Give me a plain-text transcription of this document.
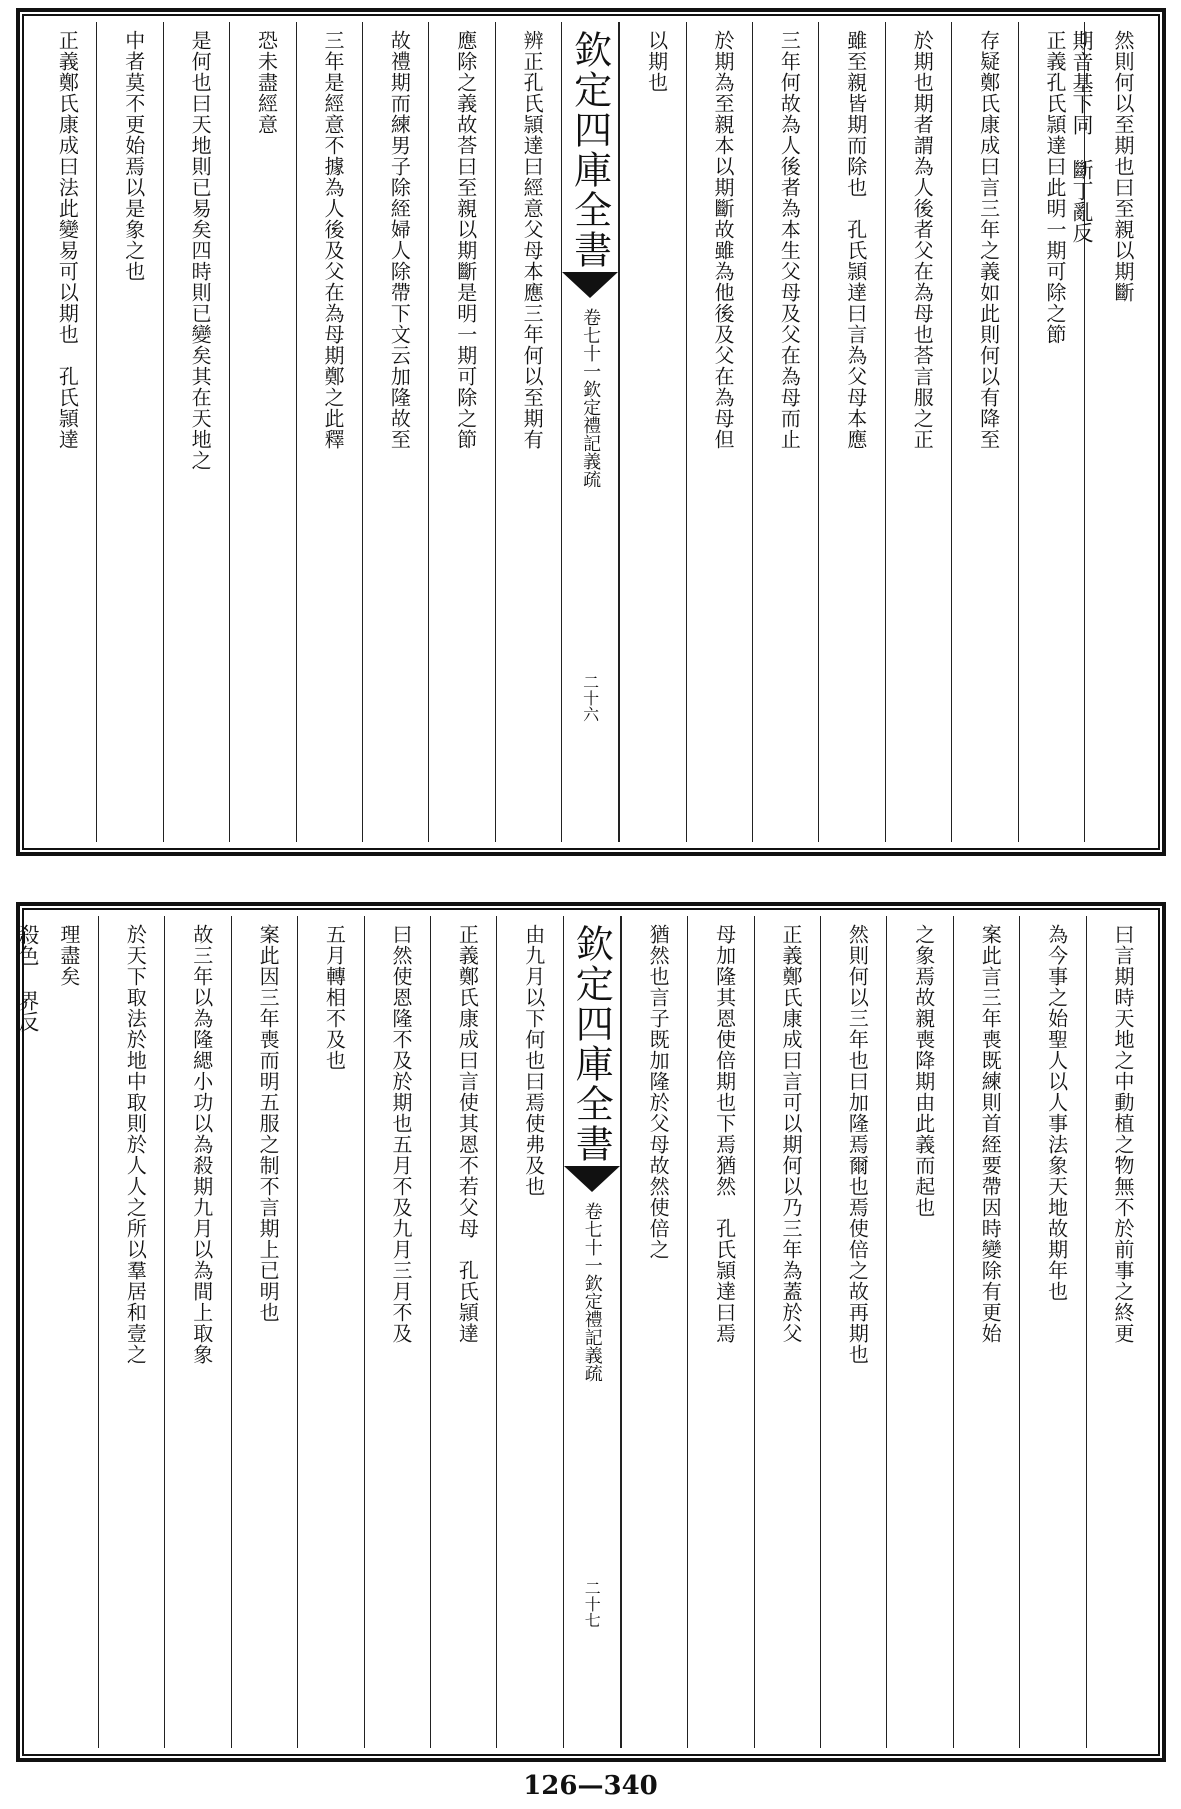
然則何以至期也曰至親以期斷
期音基下同 斷丁亂反
正義孔氏頴達曰此明一期可除之節
存疑鄭氏康成曰言三年之義如此則何以有降至
於期也期者謂為人後者父在為母也荅言服之正
雖至親皆期而除也　孔氏頴達曰言為父母本應
三年何故為人後者為本生父母及父在為母而止
於期為至親本以期斷故雖為他後及父在為母但
以期也
欽定四庫全書
欽定禮記義疏
卷七十一
二十六
辨正孔氏頴達曰經意父母本應三年何以至期有
應除之義故荅曰至親以期斷是明一期可除之節
故禮期而練男子除絰婦人除帶下文云加隆故至
三年是經意不據為人後及父在為母期鄭之此釋
恐未盡經意
是何也曰天地則已易矣四時則已變矣其在天地之
中者莫不更始焉以是象之也
正義鄭氏康成曰法此變易可以期也　孔氏頴達
曰言期時天地之中動植之物無不於前事之終更
為今事之始聖人以人事法象天地故期年也
案此言三年喪既練則首絰要帶因時變除有更始
之象焉故親喪降期由此義而起也
然則何以三年也曰加隆焉爾也焉使倍之故再期也
正義鄭氏康成曰言可以期何以乃三年為蓋於父
母加隆其恩使倍期也下焉猶然　孔氏頴達曰焉
猶然也言子既加隆於父母故然使倍之
欽定四庫全書
欽定禮記義疏
卷七十一
二十七
由九月以下何也曰焉使弗及也
正義鄭氏康成曰言使其恩不若父母　孔氏頴達
曰然使恩隆不及於期也五月不及九月三月不及
五月轉相不及也
案此因三年喪而明五服之制不言期上已明也
故三年以為隆緦小功以為殺期九月以為間上取象
於天下取法於地中取則於人人之所以羣居和壹之
理盡矣
殺色 界反
126—340
